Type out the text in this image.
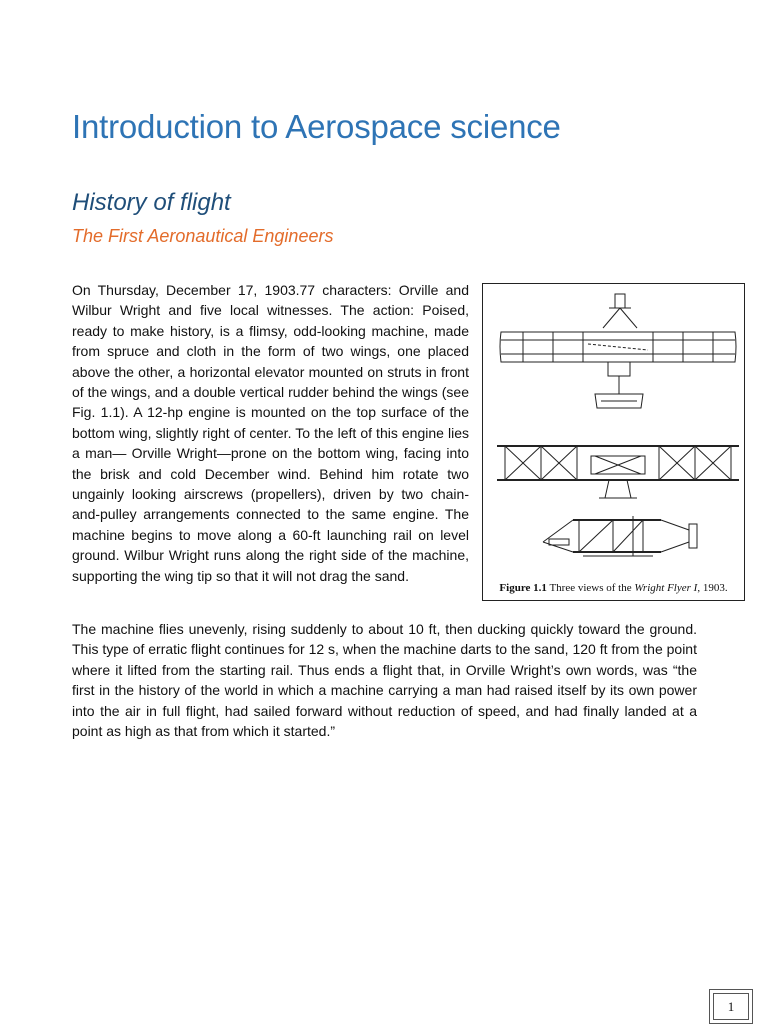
Introduction to Aerospace science
History of flight
The First Aeronautical Engineers

On Thursday, December 17, 1903.77 characters: Orville and Wilbur Wright and five local witnesses. The action: Poised, ready to make history, is a flimsy, odd-looking machine, made from spruce and cloth in the form of two wings, one placed above the other, a horizontal elevator mounted on struts in front of the wings, and a double vertical rudder behind the wings (see Fig. 1.1). A 12-hp engine is mounted on the top surface of the bottom wing, slightly right of center. To the left of this engine lies a man— Orville Wright—prone on the bottom wing, facing into the brisk and cold December wind. Behind him rotate two ungainly looking airscrews (propellers), driven by two chain-and-pulley arrangements connected to the same engine. The machine begins to move along a 60-ft launching rail on level ground. Wilbur Wright runs along the right side of the machine, supporting the wing tip so that it will not drag the sand.

Figure 1.1 Three views of the Wright Flyer I, 1903.

The machine flies unevenly, rising suddenly to about 10 ft, then ducking quickly toward the ground. This type of erratic flight continues for 12 s, when the machine darts to the sand, 120 ft from the point where it lifted from the starting rail. Thus ends a flight that, in Orville Wright’s own words, was “the first in the history of the world in which a machine carrying a man had raised itself by its own power into the air in full flight, had sailed forward without reduction of speed, and had finally landed at a point as high as that from which it started.”

1
